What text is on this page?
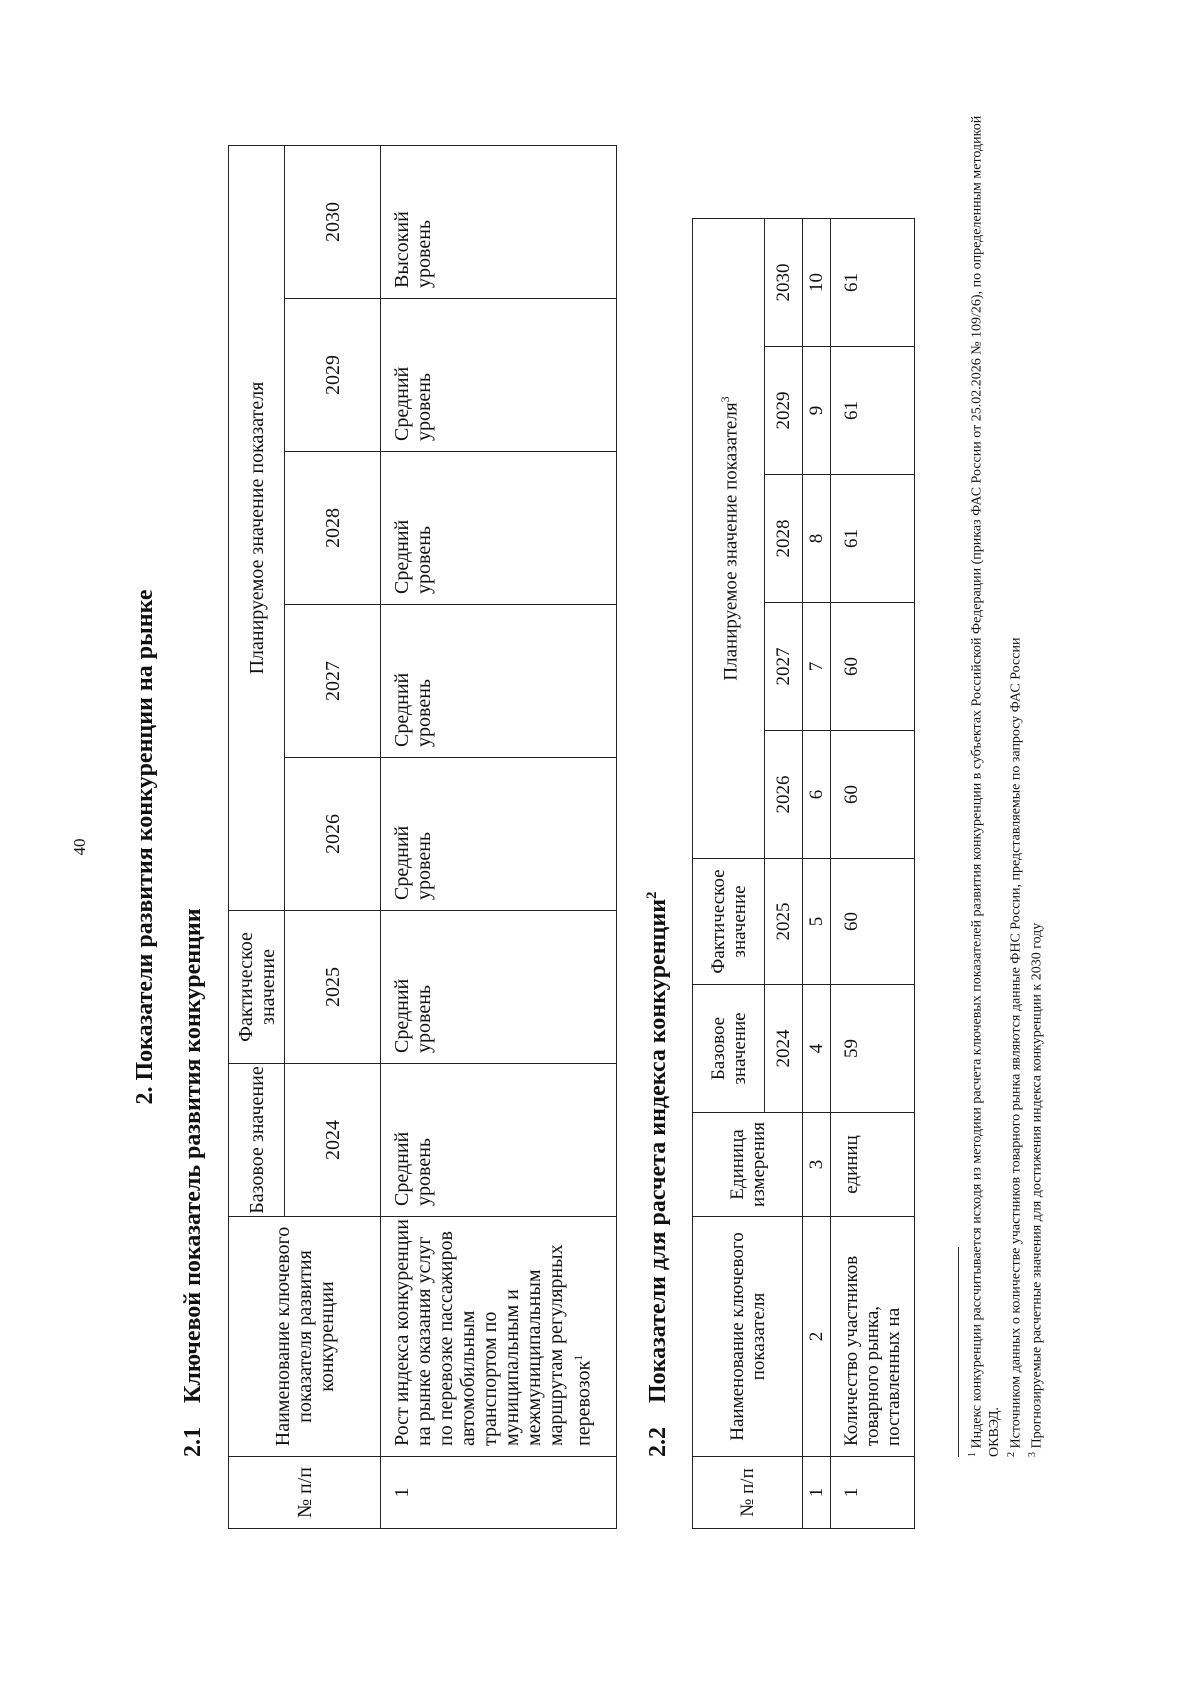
40 2. Показатели развития конкуренции на рынке
2.1 Ключевой показатель развития конкуренции
№ п/п	Наименование ключевого показателя развития конкуренции	Базовое значение	Фактическое значение	Планируемое значение показателя				
		2024	2025	2026	2027	2028	2029	2030
1	Рост индекса конкуренции на рынке оказания услуг по перевозке пассажиров автомобильным транспортом по муниципальным и межмуниципальным маршрутам регулярных перевозок$^1$	Средний уровень	Средний уровень	Средний уровень	Средний уровень	Средний уровень	Средний уровень	Высокий уровень
2.2 Показатели для расчета индекса конкуренции$^2$
№ п/п	Наименование ключевого показателя	Единица измерения	Базовое значение	Фактическое значение	Планируемое значение показателя$^3$
			2024	2025	2026	2027	2028	2029	2030
1	2	3	4	5	6	7	8	9	10
1	Количество участников товарного рынка, поставленных на	единиц	59	60	60	60	61	61	61
$^1$ Индекс конкуренции рассчитывается исходя из методики расчета ключевых показателей развития конкуренции в субъектах Российской Федерации (приказ ФАС России от 25.02.2026 № 109/26), по определенным методикой ОКВЭД. $^2$ Источником данных о количестве участников товарного рынка являются данные ФНС России, представляемые по запросу ФАС России
$^3$ Прогнозируемые расчетные значения для достижения индекса конкуренции к 2030 году
